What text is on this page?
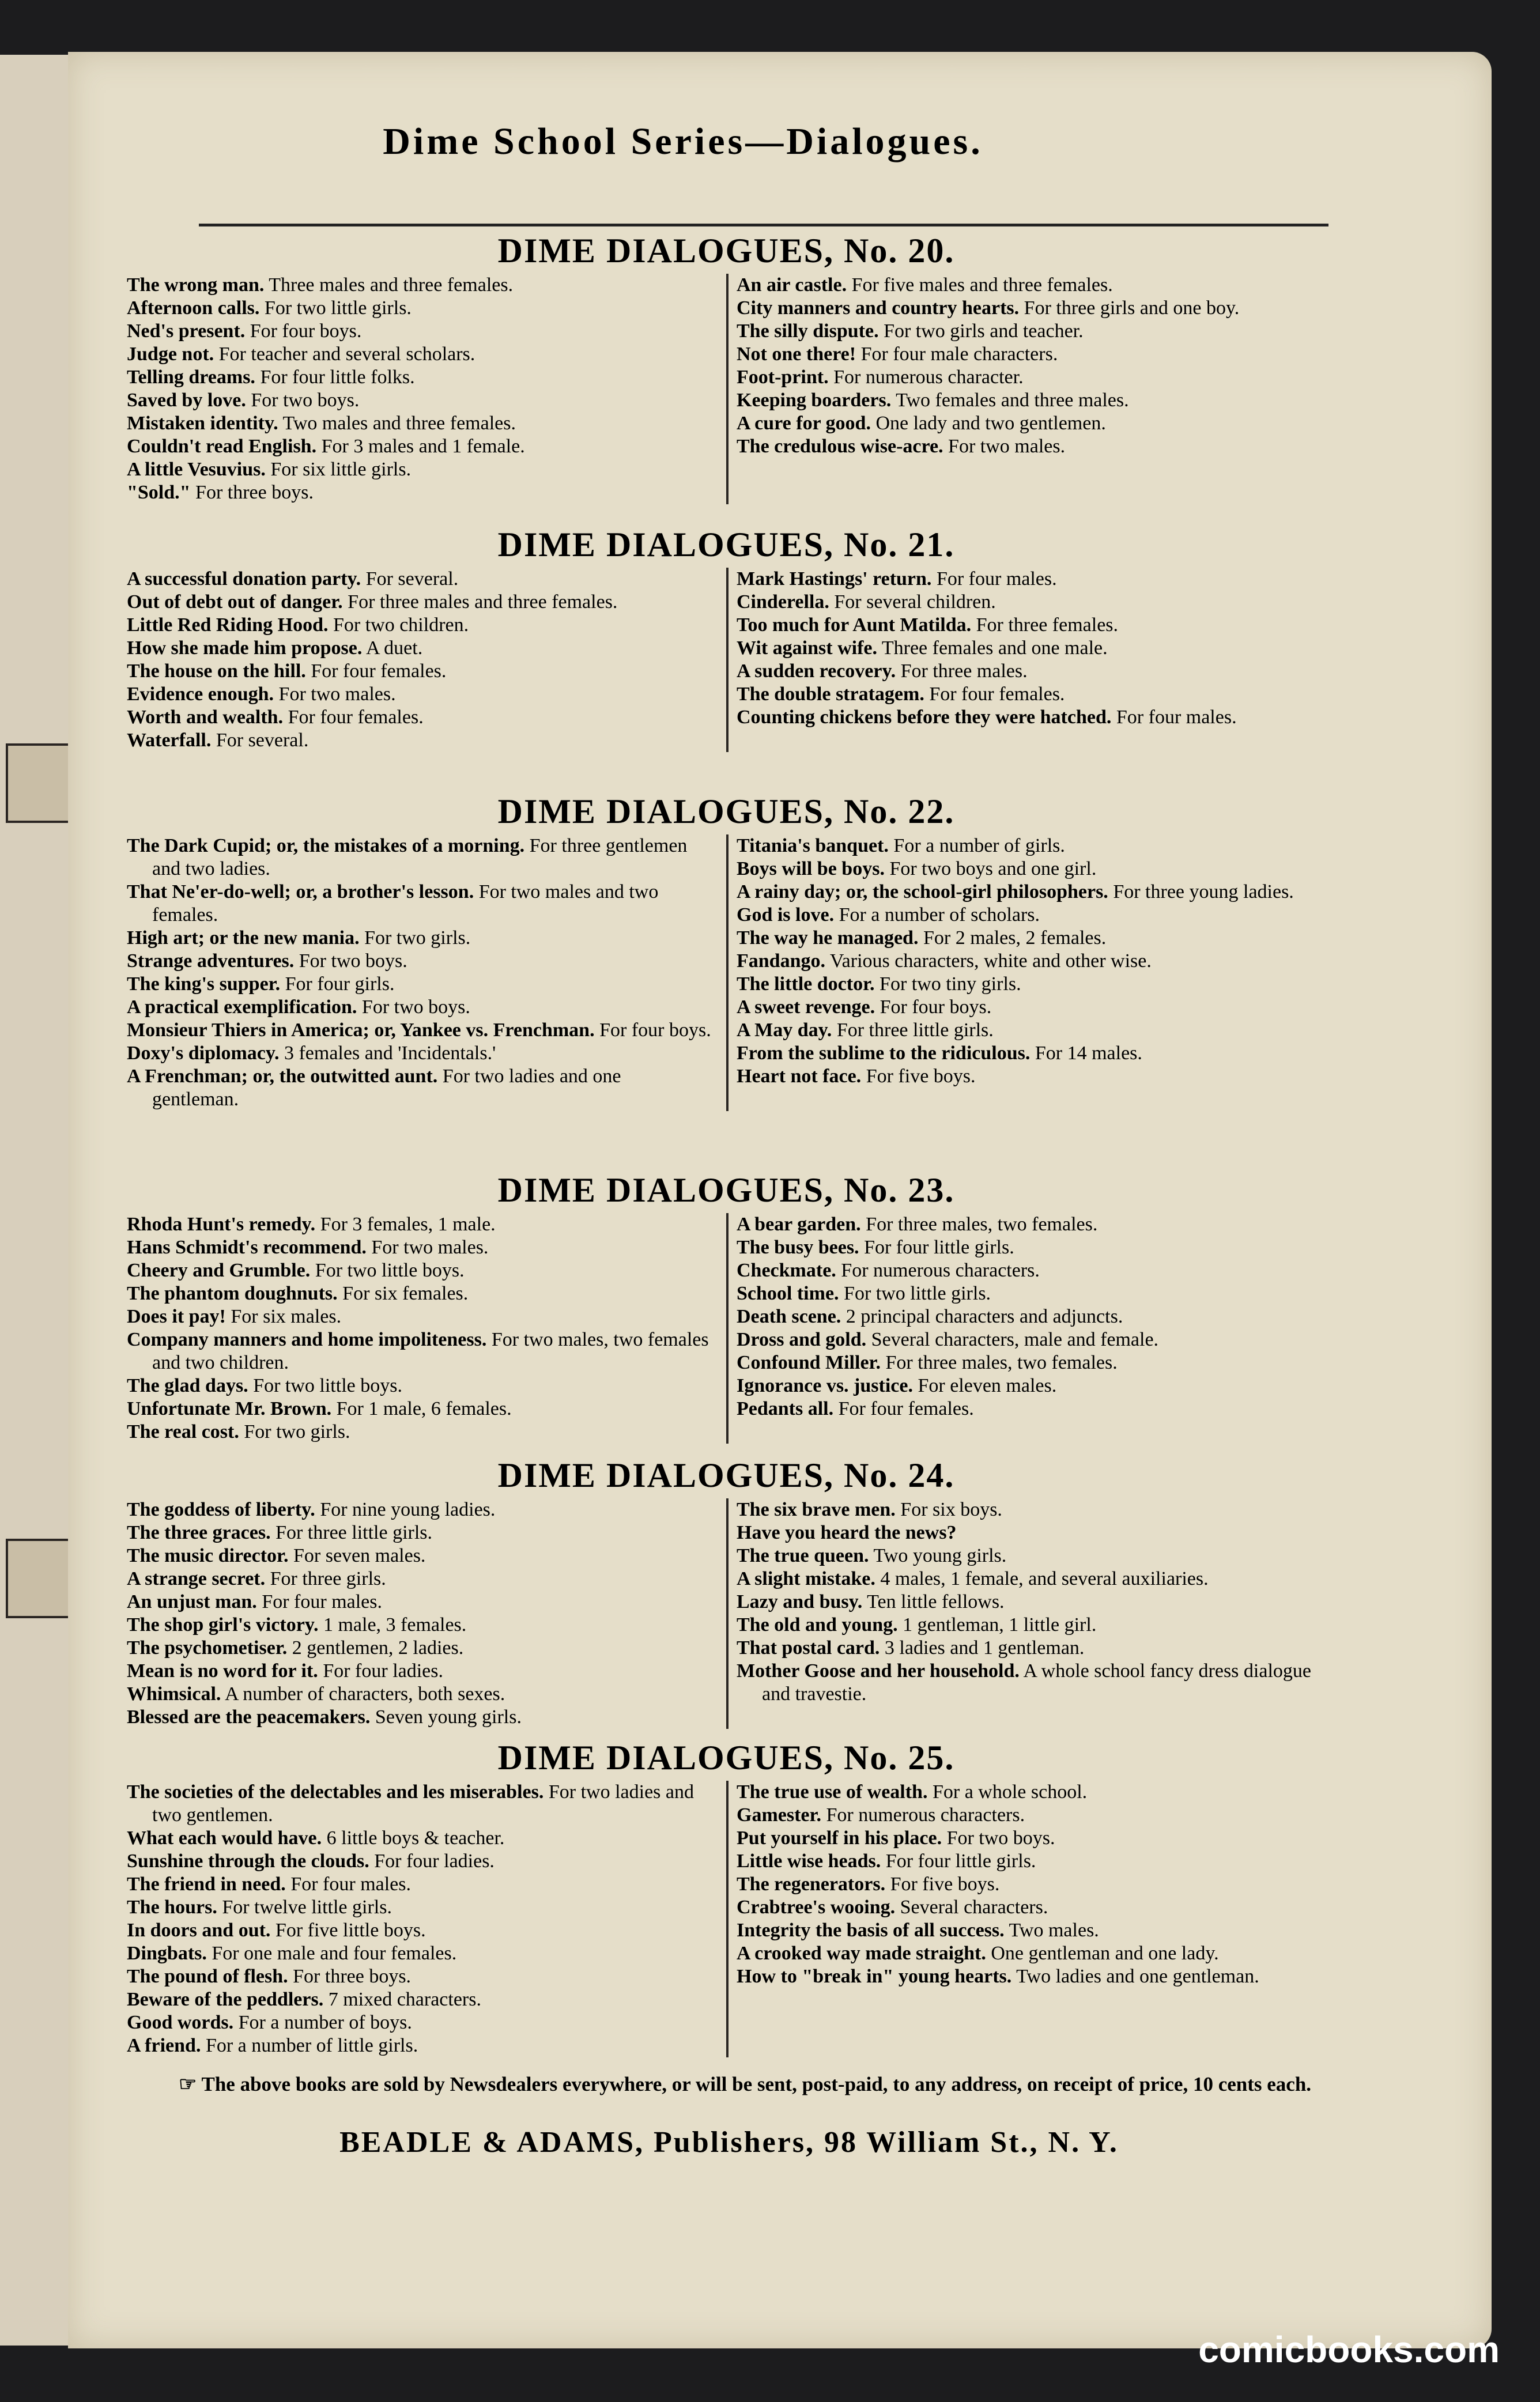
Dime School Series—Dialogues.
DIME DIALOGUES, No. 20.

The wrong man. Three males and three females.

Afternoon calls. For two little girls.

Ned's present. For four boys.

Judge not. For teacher and several scholars.

Telling dreams. For four little folks.

Saved by love. For two boys.

Mistaken identity. Two males and three females.

Couldn't read English. For 3 males and 1 female.

A little Vesuvius. For six little girls.

"Sold." For three boys.

An air castle. For five males and three females.

City manners and country hearts. For three girls and one boy.

The silly dispute. For two girls and teacher.

Not one there! For four male characters.

Foot-print. For numerous character.

Keeping boarders. Two females and three males.

A cure for good. One lady and two gentlemen.

The credulous wise-acre. For two males.

DIME DIALOGUES, No. 21.

A successful donation party. For several.

Out of debt out of danger. For three males and three females.

Little Red Riding Hood. For two children.

How she made him propose. A duet.

The house on the hill. For four females.

Evidence enough. For two males.

Worth and wealth. For four females.

Waterfall. For several.

Mark Hastings' return. For four males.

Cinderella. For several children.

Too much for Aunt Matilda. For three females.

Wit against wife. Three females and one male.

A sudden recovery. For three males.

The double stratagem. For four females.

Counting chickens before they were hatched. For four males.

DIME DIALOGUES, No. 22.

The Dark Cupid; or, the mistakes of a morning. For three gentlemen and two ladies.

That Ne'er-do-well; or, a brother's lesson. For two males and two females.

High art; or the new mania. For two girls.

Strange adventures. For two boys.

The king's supper. For four girls.

A practical exemplification. For two boys.

Monsieur Thiers in America; or, Yankee vs. Frenchman. For four boys.

Doxy's diplomacy. 3 females and 'Incidentals.'

A Frenchman; or, the outwitted aunt. For two ladies and one gentleman.

Titania's banquet. For a number of girls.

Boys will be boys. For two boys and one girl.

A rainy day; or, the school-girl philosophers. For three young ladies.

God is love. For a number of scholars.

The way he managed. For 2 males, 2 females.

Fandango. Various characters, white and other wise.

The little doctor. For two tiny girls.

A sweet revenge. For four boys.

A May day. For three little girls.

From the sublime to the ridiculous. For 14 males.

Heart not face. For five boys.

DIME DIALOGUES, No. 23.

Rhoda Hunt's remedy. For 3 females, 1 male.

Hans Schmidt's recommend. For two males.

Cheery and Grumble. For two little boys.

The phantom doughnuts. For six females.

Does it pay! For six males.

Company manners and home impoliteness. For two males, two females and two children.

The glad days. For two little boys.

Unfortunate Mr. Brown. For 1 male, 6 females.

The real cost. For two girls.

A bear garden. For three males, two females.

The busy bees. For four little girls.

Checkmate. For numerous characters.

School time. For two little girls.

Death scene. 2 principal characters and adjuncts.

Dross and gold. Several characters, male and female.

Confound Miller. For three males, two females.

Ignorance vs. justice. For eleven males.

Pedants all. For four females.

DIME DIALOGUES, No. 24.

The goddess of liberty. For nine young ladies.

The three graces. For three little girls.

The music director. For seven males.

A strange secret. For three girls.

An unjust man. For four males.

The shop girl's victory. 1 male, 3 females.

The psychometiser. 2 gentlemen, 2 ladies.

Mean is no word for it. For four ladies.

Whimsical. A number of characters, both sexes.

Blessed are the peacemakers. Seven young girls.

The six brave men. For six boys.

Have you heard the news?

The true queen. Two young girls.

A slight mistake. 4 males, 1 female, and several auxiliaries.

Lazy and busy. Ten little fellows.

The old and young. 1 gentleman, 1 little girl.

That postal card. 3 ladies and 1 gentleman.

Mother Goose and her household. A whole school fancy dress dialogue and travestie.

DIME DIALOGUES, No. 25.

The societies of the delectables and les miserables. For two ladies and two gentlemen.

What each would have. 6 little boys & teacher.

Sunshine through the clouds. For four ladies.

The friend in need. For four males.

The hours. For twelve little girls.

In doors and out. For five little boys.

Dingbats. For one male and four females.

The pound of flesh. For three boys.

Beware of the peddlers. 7 mixed characters.

Good words. For a number of boys.

A friend. For a number of little girls.

The true use of wealth. For a whole school.

Gamester. For numerous characters.

Put yourself in his place. For two boys.

Little wise heads. For four little girls.

The regenerators. For five boys.

Crabtree's wooing. Several characters.

Integrity the basis of all success. Two males.

A crooked way made straight. One gentleman and one lady.

How to "break in" young hearts. Two ladies and one gentleman.

☞ The above books are sold by Newsdealers everywhere, or will be sent, post-paid, to any address, on receipt of price, 10 cents each.
BEADLE & ADAMS, Publishers, 98 William St., N. Y.
comicbooks.com
